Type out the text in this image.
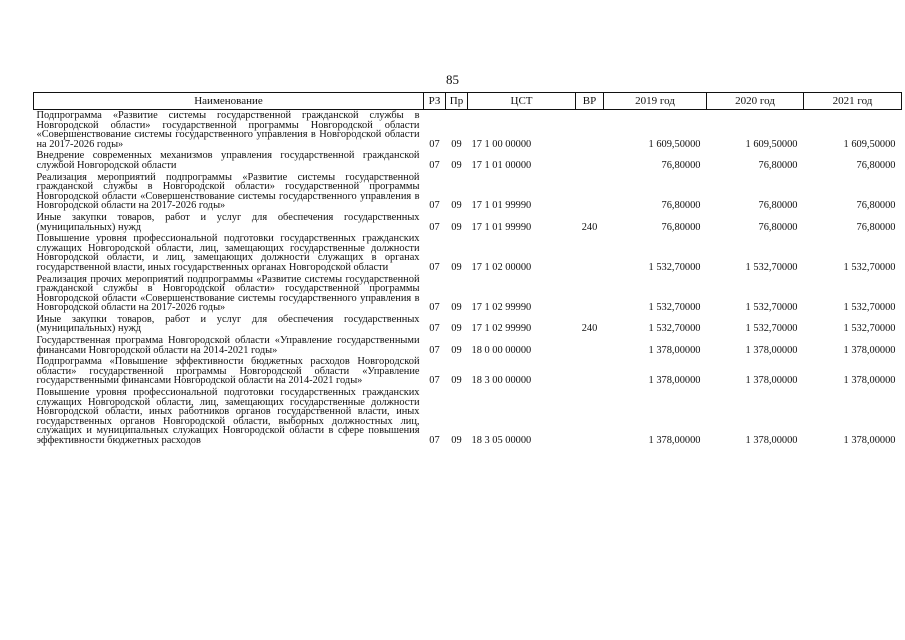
85
Наименование	РЗ	Пр	ЦСТ	ВР	2019 год	2020 год	2021 год
Подпрограмма «Развитие системы государственной гражданской службы в Новгородской области» государственной программы Новгородской области «Совершенствование системы государственного управления в Новгородской области на 2017-2026 годы»	07	09	17 1 00 00000		1 609,50000	1 609,50000	1 609,50000
Внедрение современных механизмов управления государственной гражданской службой Новгородской области	07	09	17 1 01 00000		76,80000	76,80000	76,80000
Реализация мероприятий подпрограммы «Развитие системы государственной гражданской службы в Новгородской области» государственной программы Новгородской области «Совершенствование системы государственного управления в Новгородской области на 2017-2026 годы»	07	09	17 1 01 99990		76,80000	76,80000	76,80000
Иные закупки товаров, работ и услуг для обеспечения государственных (муниципальных) нужд	07	09	17 1 01 99990	240	76,80000	76,80000	76,80000
Повышение уровня профессиональной подготовки государственных гражданских служащих Новгородской области, лиц, замещающих государственные должности Новгородской области, и лиц, замещающих должности служащих в органах государственной власти, иных государственных органах Новгородской области	07	09	17 1 02 00000		1 532,70000	1 532,70000	1 532,70000
Реализация прочих мероприятий подпрограммы «Развитие системы государственной гражданской службы в Новгородской области» государственной программы Новгородской области «Совершенствование системы государственного управления в Новгородской области на 2017-2026 годы»	07	09	17 1 02 99990		1 532,70000	1 532,70000	1 532,70000
Иные закупки товаров, работ и услуг для обеспечения государственных (муниципальных) нужд	07	09	17 1 02 99990	240	1 532,70000	1 532,70000	1 532,70000
Государственная программа Новгородской области «Управление государственными финансами Новгородской области на 2014-2021 годы»	07	09	18 0 00 00000		1 378,00000	1 378,00000	1 378,00000
Подпрограмма «Повышение эффективности бюджетных расходов Новгородской области» государственной программы Новгородской области «Управление государственными финансами Новгородской области на 2014-2021 годы»	07	09	18 3 00 00000		1 378,00000	1 378,00000	1 378,00000
Повышение уровня профессиональной подготовки государственных гражданских служащих Новгородской области, лиц, замещающих государственные должности Новгородской области, иных работников органов государственной власти, иных государственных органов Новгородской области, выборных должностных лиц, служащих и муниципальных служащих Новгородской области в сфере повышения эффективности бюджетных расходов	07	09	18 3 05 00000		1 378,00000	1 378,00000	1 378,00000
